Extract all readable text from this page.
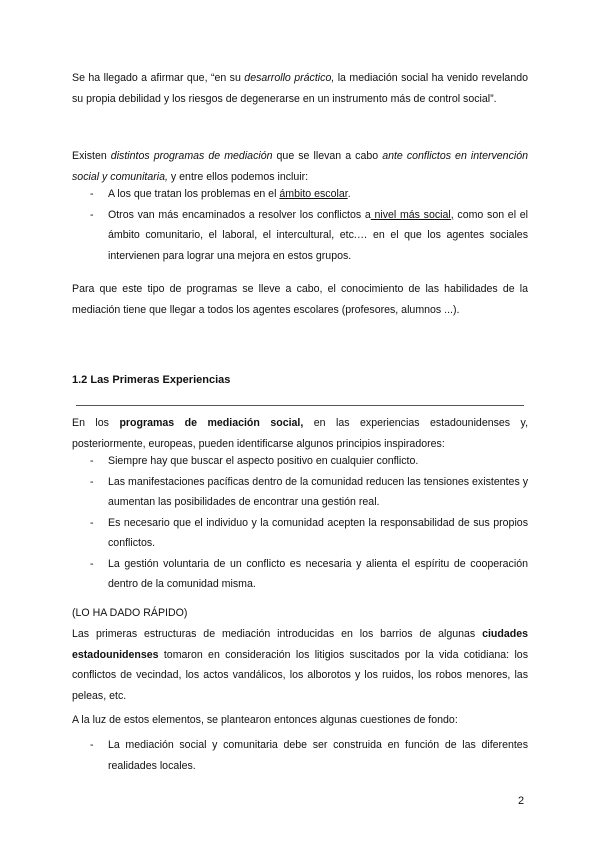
Se ha llegado a afirmar que, “en su desarrollo práctico, la mediación social ha venido revelando su propia debilidad y los riesgos de degenerarse en un instrumento más de control social”.

Existen distintos programas de mediación que se llevan a cabo ante conflictos en intervención social y comunitaria, y entre ellos podemos incluir:

- A los que tratan los problemas en el ámbito escolar.
- Otros van más encaminados a resolver los conflictos a nivel más social, como son el el ámbito comunitario, el laboral, el intercultural, etc.… en el que los agentes sociales intervienen para lograr una mejora en estos grupos.

Para que este tipo de programas se lleve a cabo, el conocimiento de las habilidades de la mediación tiene que llegar a todos los agentes escolares (profesores, alumnos ...).

1.2 Las Primeras Experiencias

En los programas de mediación social, en las experiencias estadounidenses y, posteriormente, europeas, pueden identificarse algunos principios inspiradores:

- Siempre hay que buscar el aspecto positivo en cualquier conflicto.
- Las manifestaciones pacíficas dentro de la comunidad reducen las tensiones existentes y aumentan las posibilidades de encontrar una gestión real.
- Es necesario que el individuo y la comunidad acepten la responsabilidad de sus propios conflictos.
- La gestión voluntaria de un conflicto es necesaria y alienta el espíritu de cooperación dentro de la comunidad misma.

(LO HA DADO RÁPIDO)

Las primeras estructuras de mediación introducidas en los barrios de algunas ciudades estadounidenses tomaron en consideración los litigios suscitados por la vida cotidiana: los conflictos de vecindad, los actos vandálicos, los alborotos y los ruidos, los robos menores, las peleas, etc.

A la luz de estos elementos, se plantearon entonces algunas cuestiones de fondo:

- La mediación social y comunitaria debe ser construida en función de las diferentes realidades locales.
2
